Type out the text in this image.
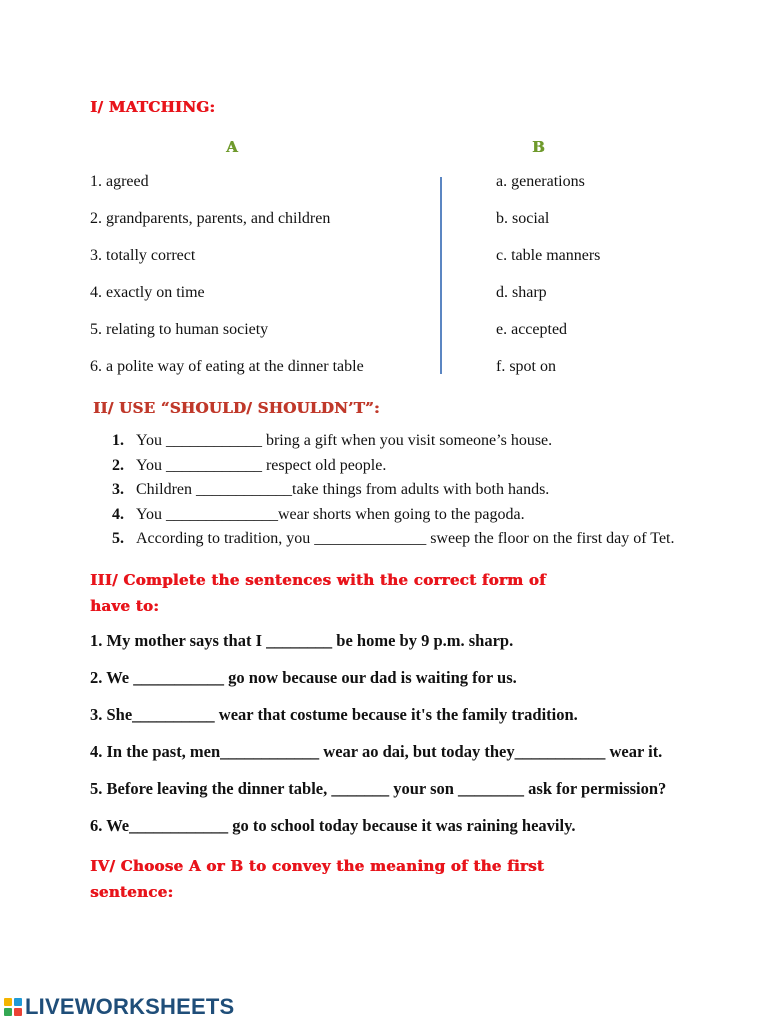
I/ MATCHING:
A	B
1. agreed
2. grandparents, parents, and children
3. totally correct
4. exactly on time
5. relating to human society
6. a polite way of eating at the dinner table
a. generations
b. social
c. table manners
d. sharp
e. accepted
f. spot on
II/ USE “SHOULD/ SHOULDN’T”:
1. You ____________ bring a gift when you visit someone’s house.
2. You ____________ respect old people.
3. Children ____________take things from adults with both hands.
4. You ______________wear shorts when going to the pagoda.
5. According to tradition, you ______________ sweep the floor on the first day of Tet.
III/ Complete the sentences with the correct form of
have to:
1. My mother says that I ________ be home by 9 p.m. sharp.
2. We ___________ go now because our dad is waiting for us.
3. She__________ wear that costume because it's the family tradition.
4. In the past, men____________ wear ao dai, but today they___________ wear it.
5. Before leaving the dinner table, _______ your son ________ ask for permission?
6. We____________ go to school today because it was raining heavily.
IV/ Choose A or B to convey the meaning of the first
sentence:
LIVEWORKSHEETS
